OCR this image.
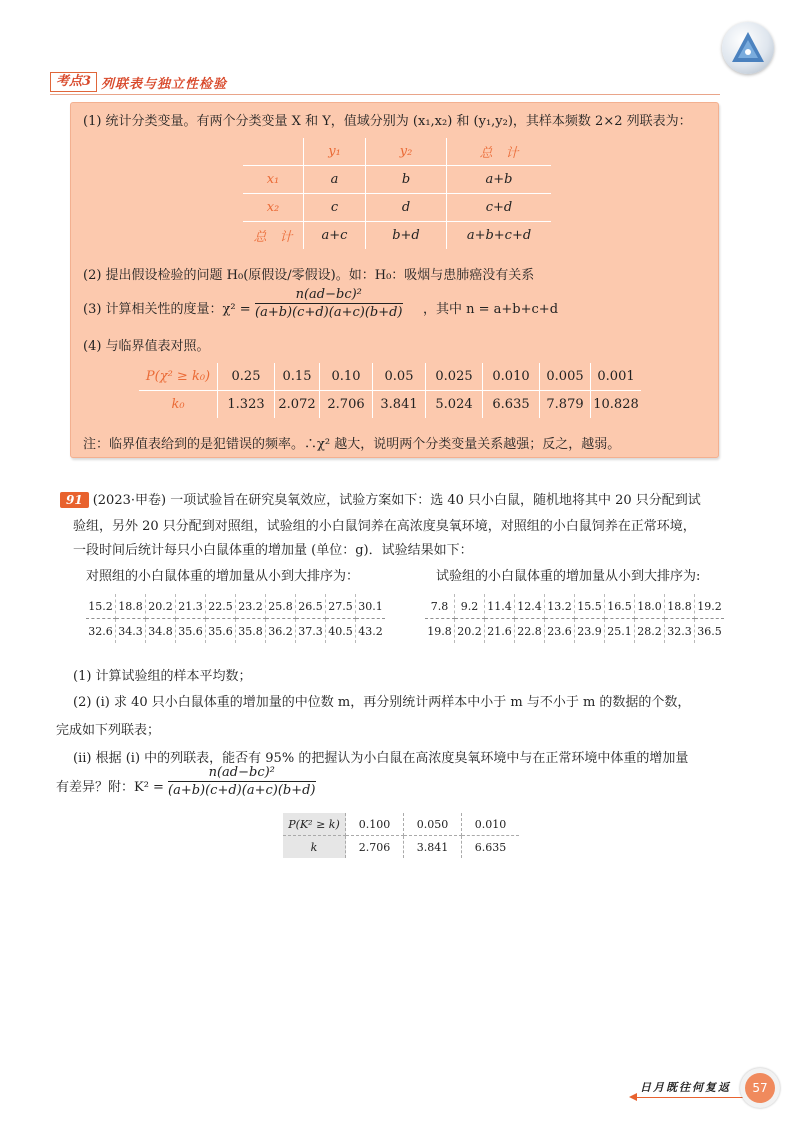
考点3 列联表与独立性检验
(1) 统计分类变量。有两个分类变量 X 和 Y，值域分别为 (x₁,x₂) 和 (y₁,y₂)，其样本频数 2×2 列联表为：
	y₁	y₂	总　计
x₁	a	b	a+b
x₂	c	d	c+d
总　计	a+c	b+d	a+b+c+d
(2) 提出假设检验的问题 H₀(原假设/零假设)。如：H₀：吸烟与患肺癌没有关系
(3) 计算相关性的度量：$\chi^2 = \frac{\text{n(ad−bc)²}}{(a+b)(c+d)(a+c)(b+d)}$ ，其中 n = a+b+c+d
(4) 与临界值表对照。
P(χ² ≥ k₀)	0.25	0.15	0.10	0.05	0.025	0.010	0.005	0.001
k₀	1.323	2.072	2.706	3.841	5.024	6.635	7.879	10.828
注：临界值表给到的是犯错误的频率。∴χ² 越大，说明两个分类变量关系越强；反之，越弱。
91 (2023·甲卷) 一项试验旨在研究臭氧效应，试验方案如下：选 40 只小白鼠，随机地将其中 20 只分配到试
验组，另外 20 只分配到对照组，试验组的小白鼠饲养在高浓度臭氧环境，对照组的小白鼠饲养在正常环境，
一段时间后统计每只小白鼠体重的增加量 (单位：g)．试验结果如下：
对照组的小白鼠体重的增加量从小到大排序为：	试验组的小白鼠体重的增加量从小到大排序为:
15.2	18.8	20.2	21.3	22.5	23.2	25.8	26.5	27.5	30.1
32.6	34.3	34.8	35.6	35.6	35.8	36.2	37.3	40.5	43.2
7.8	9.2	11.4	12.4	13.2	15.5	16.5	18.0	18.8	19.2
19.8	20.2	21.6	22.8	23.6	23.9	25.1	28.2	32.3	36.5
(1) 计算试验组的样本平均数；
(2) (ⅰ) 求 40 只小白鼠体重的增加量的中位数 m，再分别统计两样本中小于 m 与不小于 m 的数据的个数，
完成如下列联表；
(ⅱ) 根据 (i) 中的列联表，能否有 95% 的把握认为小白鼠在高浓度臭氧环境中与在正常环境中体重的增加量
有差异？附：$K^2 = \frac{\text{n(ad−bc)²}}{(a+b)(c+d)(a+c)(b+d)}$
P(K² ≥ k)	0.100	0.050	0.010
k	2.706	3.841	6.635
日月既往何复返	57
